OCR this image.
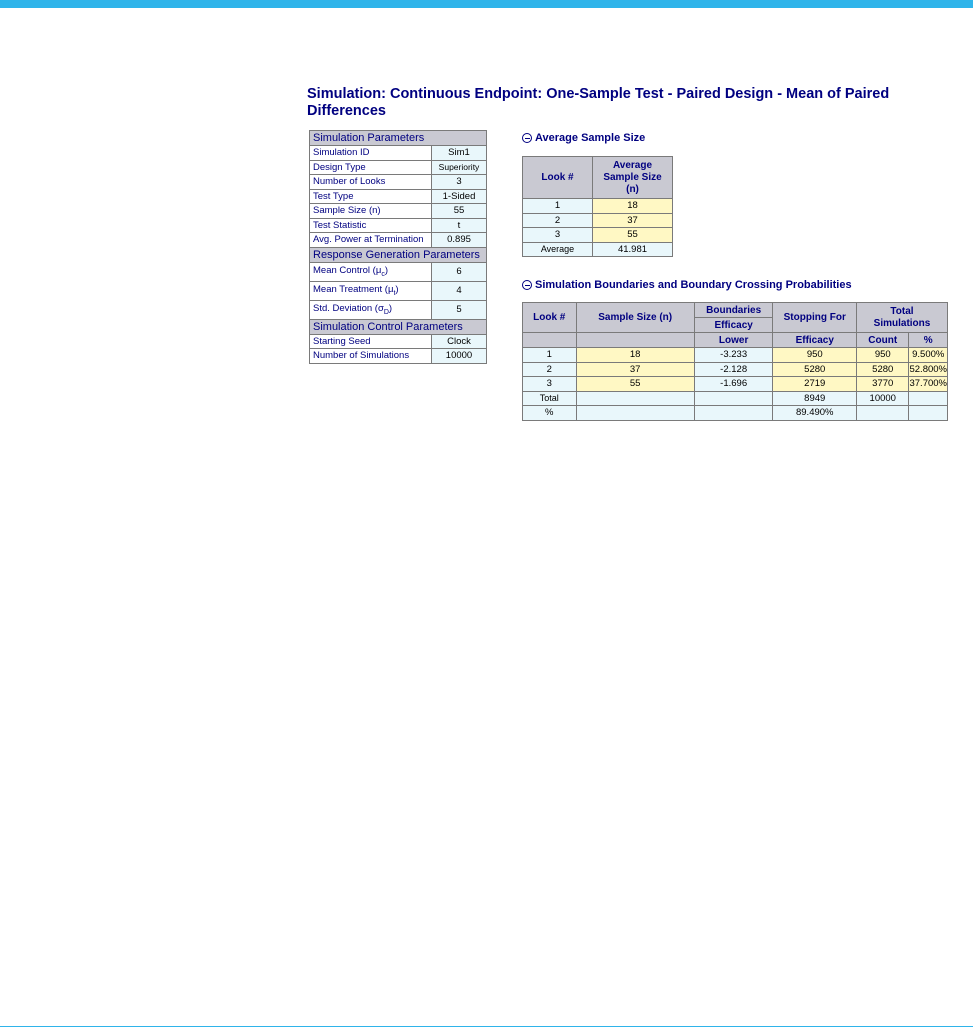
Simulation: Continuous Endpoint: One-Sample Test - Paired Design - Mean of Paired Differences
Simulation Parameters	
Simulation ID	Sim1
Design Type	Superiority
Number of Looks	3
Test Type	1-Sided
Sample Size (n)	55
Test Statistic	t
Avg. Power at Termination	0.895
Response Generation Parameters	
Mean Control $(\mu_c)$	6
Mean Treatment $(\mu_t)$	4
Std. Deviation $(\sigma_D)$	5
Simulation Control Parameters	
Starting Seed	Clock
Number of Simulations	10000
Average Sample Size
Look #	Average Sample Size (n)
1	18
2	37
3	55
Average	41.981
Simulation Boundaries and Boundary Crossing Probabilities
Look #	Sample Size (n)	Boundaries	Stopping For	Total Simulations	
		Efficacy			
		Lower	Efficacy	Count	%
1	18	-3.233	950	950	9.500%
2	37	-2.128	5280	5280	52.800%
3	55	-1.696	2719	3770	37.700%
Total			8949	10000	
%			89.490%		
